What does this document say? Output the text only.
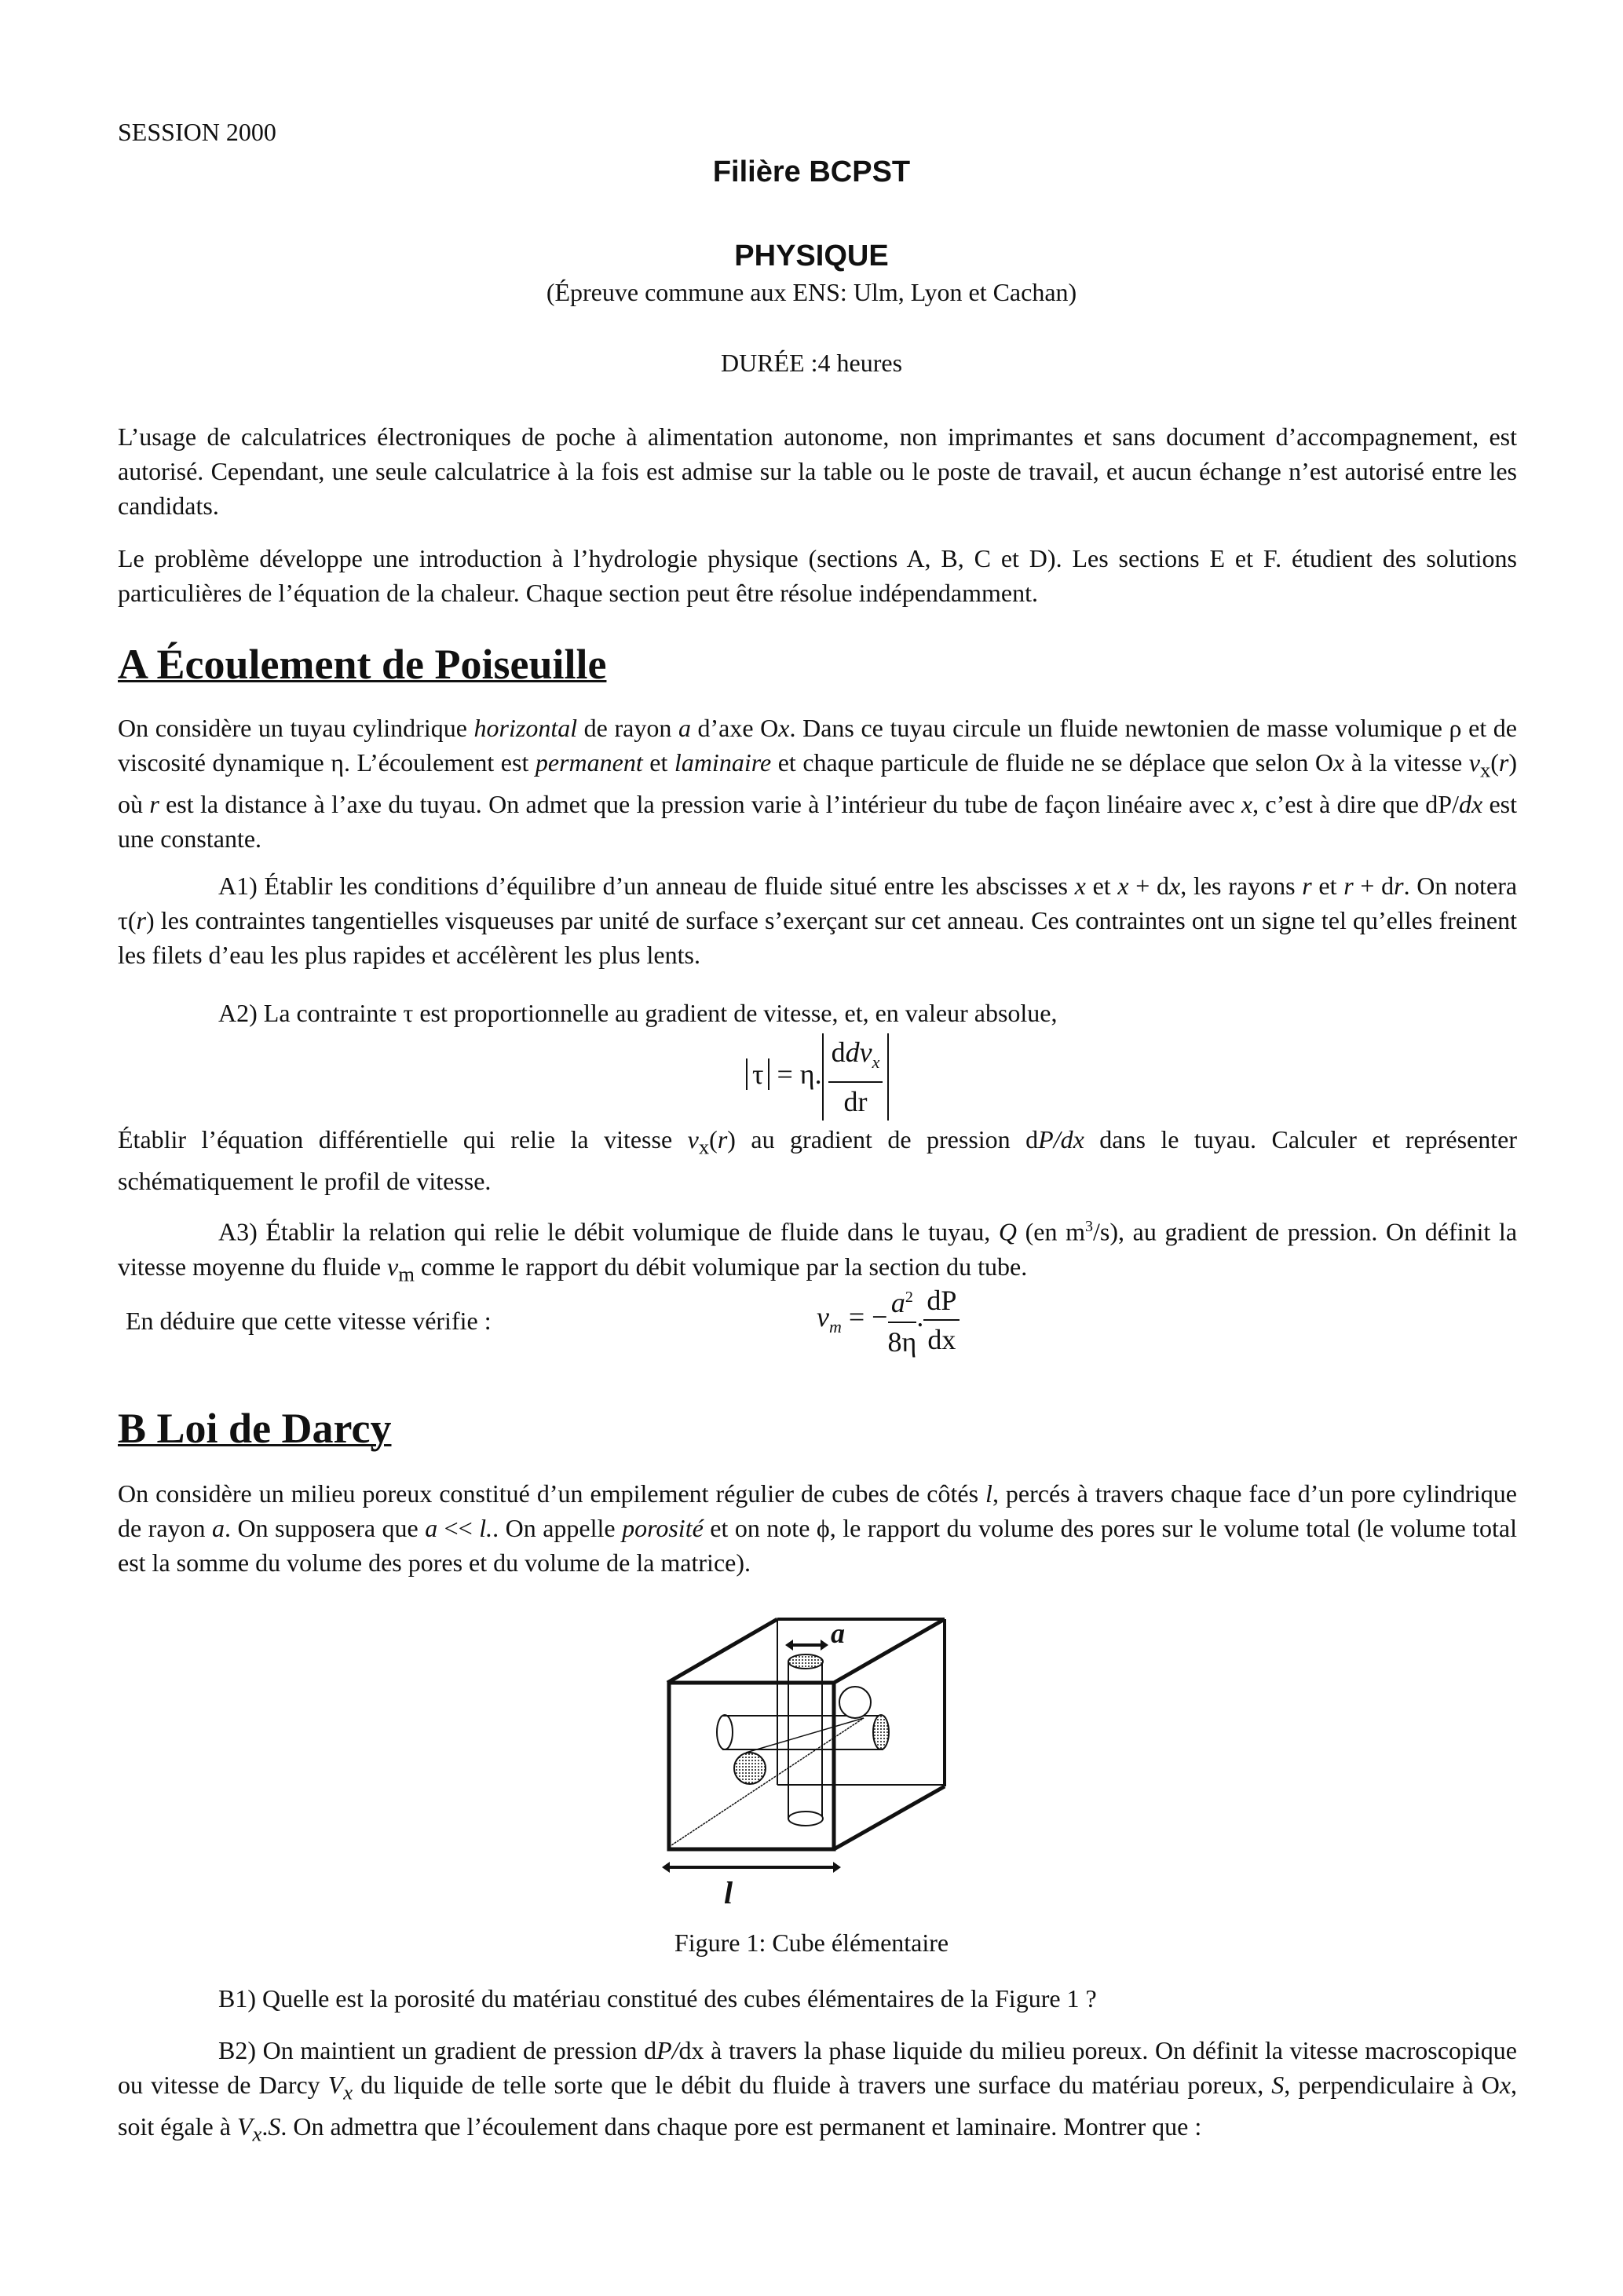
SESSION 2000
Filière BCPST
PHYSIQUE
(Épreuve commune aux ENS: Ulm, Lyon et Cachan)
DURÉE :4 heures
L’usage de calculatrices électroniques de poche à alimentation autonome, non imprimantes et sans document d’accompagnement, est autorisé. Cependant, une seule calculatrice à la fois est admise sur la table ou le poste de travail, et aucun échange n’est autorisé entre les candidats.
Le problème développe une introduction à l’hydrologie physique (sections A, B, C et D). Les sections E et F. étudient des solutions particulières de l’équation de la chaleur. Chaque section peut être résolue indépendamment.
A Écoulement de Poiseuille
On considère un tuyau cylindrique horizontal de rayon a d’axe Ox. Dans ce tuyau circule un fluide newtonien de masse volumique ρ et de viscosité dynamique η. L’écoulement est permanent et laminaire et chaque particule de fluide ne se déplace que selon Ox à la vitesse $v_x(r)$ où r est la distance à l’axe du tuyau. On admet que la pression varie à l’intérieur du tube de façon linéaire avec x, c’est à dire que dP/dx est une constante.
A1) Établir les conditions d’équilibre d’un anneau de fluide situé entre les abscisses x et x + dx, les rayons r et r + dr. On notera τ(r) les contraintes tangentielles visqueuses par unité de surface s’exerçant sur cet anneau. Ces contraintes ont un signe tel qu’elles freinent les filets d’eau les plus rapides et accélèrent les plus lents.
A2) La contrainte τ est proportionnelle au gradient de vitesse, et, en valeur absolue,
τ = η. $\frac{ddv_x}{dr}$
Établir l’équation différentielle qui relie la vitesse $v_x(r)$ au gradient de pression dP/dx dans le tuyau. Calculer et représenter schématiquement le profil de vitesse.
A3) Établir la relation qui relie le débit volumique de fluide dans le tuyau, Q (en $m^3/s$), au gradient de pression. On définit la vitesse moyenne du fluide $v_m$ comme le rapport du débit volumique par la section du tube.
En déduire que cette vitesse vérifie :	$v_m$ = − $\frac{a^2}{8\eta}$ . $\frac{dP}{dx}$
B Loi de Darcy
On considère un milieu poreux constitué d’un empilement régulier de cubes de côtés l, percés à travers chaque face d’un pore cylindrique de rayon a. On supposera que a << l.. On appelle porosité et on note ϕ, le rapport du volume des pores sur le volume total (le volume total est la somme du volume des pores et du volume de la matrice).
a
l
Figure 1: Cube élémentaire
B1) Quelle est la porosité du matériau constitué des cubes élémentaires de la Figure 1 ?
B2) On maintient un gradient de pression dP/dx à travers la phase liquide du milieu poreux. On définit la vitesse macroscopique ou vitesse de Darcy $V_x$ du liquide de telle sorte que le débit du fluide à travers une surface du matériau poreux, S, perpendiculaire à Ox, soit égale à $V_x.S$. On admettra que l’écoulement dans chaque pore est permanent et laminaire. Montrer que :
